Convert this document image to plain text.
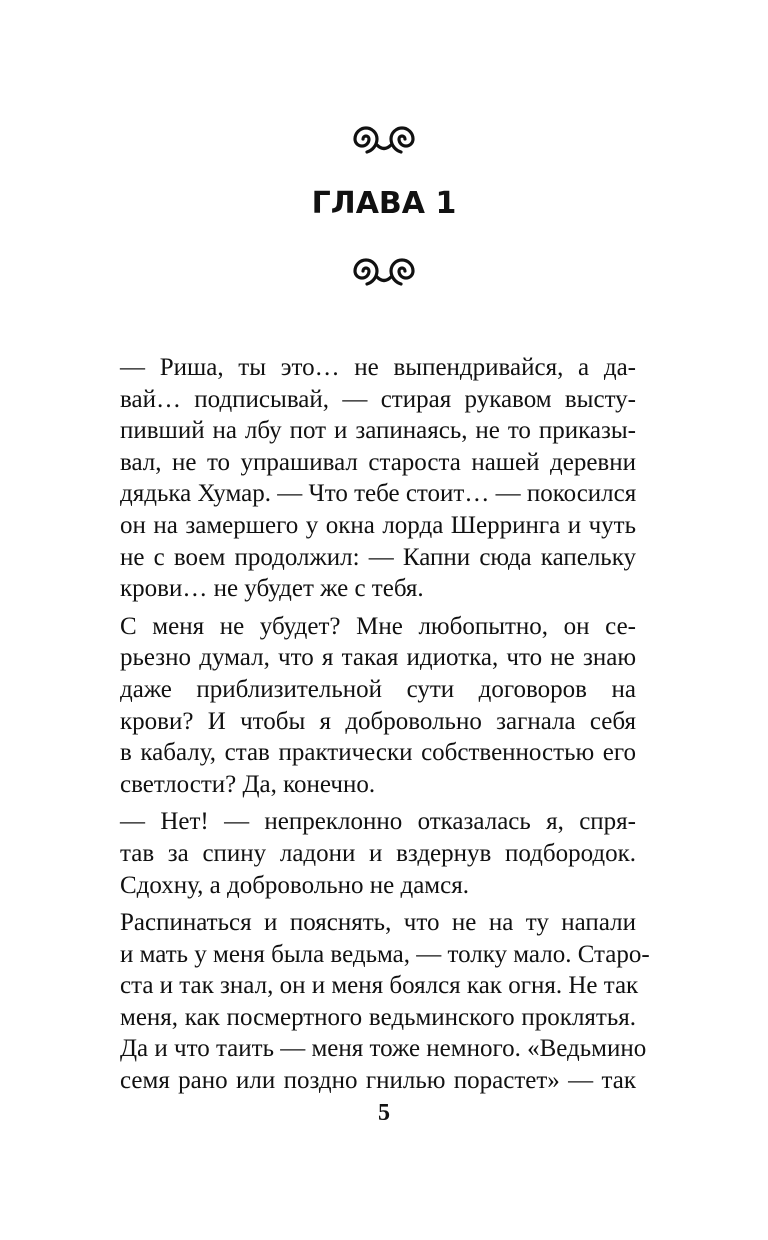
ГЛАВА 1
— Риша, ты это… не выпендривайся, а да-
вай… подписывай, — стирая рукавом высту-
пивший на лбу пот и запинаясь, не то приказы-
вал, не то упрашивал староста нашей деревни
дядька Хумар. — Что тебе стоит… — покосился
он на замершего у окна лорда Шерринга и чуть
не с воем продолжил: — Капни сюда капельку
крови… не убудет же с тебя.
С меня не убудет? Мне любопытно, он се-
рьезно думал, что я такая идиотка, что не знаю
даже приблизительной сути договоров на
крови? И чтобы я добровольно загнала себя
в кабалу, став практически собственностью его
светлости? Да, конечно.
— Нет! — непреклонно отказалась я, спря-
тав за спину ладони и вздернув подбородок.
Сдохну, а добровольно не дамся.
Распинаться и пояснять, что не на ту напали
и мать у меня была ведьма, — толку мало. Старо-
ста и так знал, он и меня боялся как огня. Не так
меня, как посмертного ведьминского проклятья.
Да и что таить — меня тоже немного. «Ведьмино
семя рано или поздно гнилью порастет» — так
5
